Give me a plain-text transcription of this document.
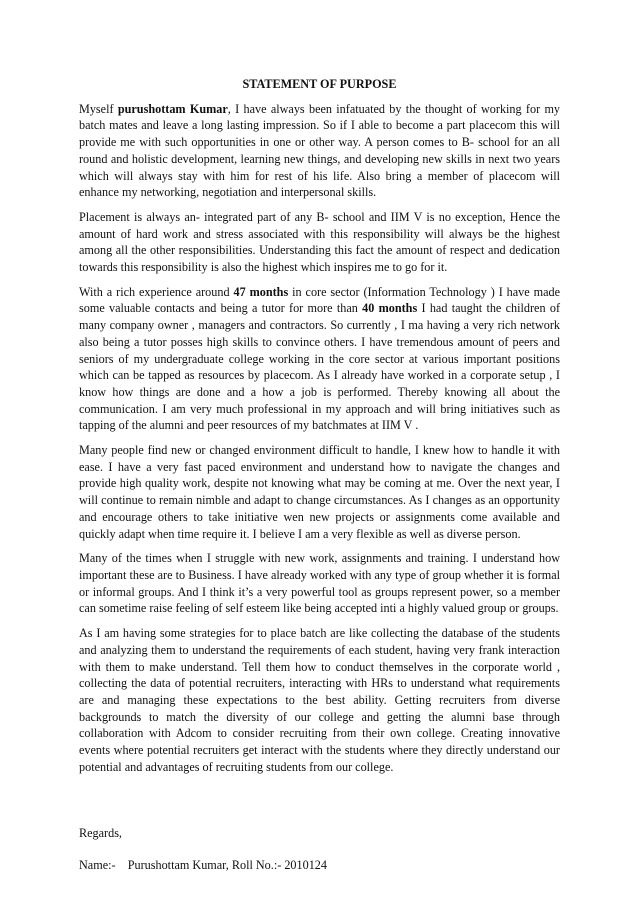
STATEMENT OF PURPOSE

Myself purushottam Kumar, I have always been infatuated by the thought of working for my batch mates and leave a long lasting impression. So if I able to become a part placecom this will provide me with such opportunities in one or other way. A person comes to B- school for an all round and holistic development, learning new things, and developing new skills in next two years which will always stay with him for rest of his life. Also bring a member of placecom will enhance my networking, negotiation and interpersonal skills.

Placement is always an- integrated part of any B- school and IIM V is no exception, Hence the amount of hard work and stress associated with this responsibility will always be the highest among all the other responsibilities. Understanding this fact the amount of respect and dedication towards this responsibility is also the highest which inspires me to go for it.

With a rich experience around 47 months in core sector (Information Technology ) I have made some valuable contacts and being a tutor for more than 40 months I had taught the children of many company owner , managers and contractors. So currently , I ma having a very rich network also being a tutor posses high skills to convince others. I have tremendous amount of peers and seniors of my undergraduate college working in the core sector at various important positions which can be tapped as resources by placecom. As I already have worked in a corporate setup , I know how things are done and a how a job is performed. Thereby knowing all about the communication. I am very much professional in my approach and will bring initiatives such as tapping of the alumni and peer resources of my batchmates at IIM V .

Many people find new or changed environment difficult to handle, I knew how to handle it with ease. I have a very fast paced environment and understand how to navigate the changes and provide high quality work, despite not knowing what may be coming at me. Over the next year, I will continue to remain nimble and adapt to change circumstances. As I changes as an opportunity and encourage others to take initiative wen new projects or assignments come available and quickly adapt when time require it. I believe I am a very flexible as well as diverse person.

Many of the times when I struggle with new work, assignments and training. I understand how important these are to Business. I have already worked with any type of group whether it is formal or informal groups. And I think it’s a very powerful tool as groups represent power, so a member can sometime raise feeling of self esteem like being accepted inti a highly valued group or groups.

As I am having some strategies for to place batch are like collecting the database of the students and analyzing them to understand the requirements of each student, having very frank interaction with them to make understand. Tell them how to conduct themselves in the corporate world , collecting the data of potential recruiters, interacting with HRs to understand what requirements are and managing these expectations to the best ability. Getting recruiters from diverse backgrounds to match the diversity of our college and getting the alumni base through collaboration with Adcom to consider recruiting from their own college. Creating innovative events where potential recruiters get interact with the students where they directly understand our potential and advantages of recruiting students from our college.

Regards,
Name:-    Purushottam Kumar, Roll No.:- 2010124
